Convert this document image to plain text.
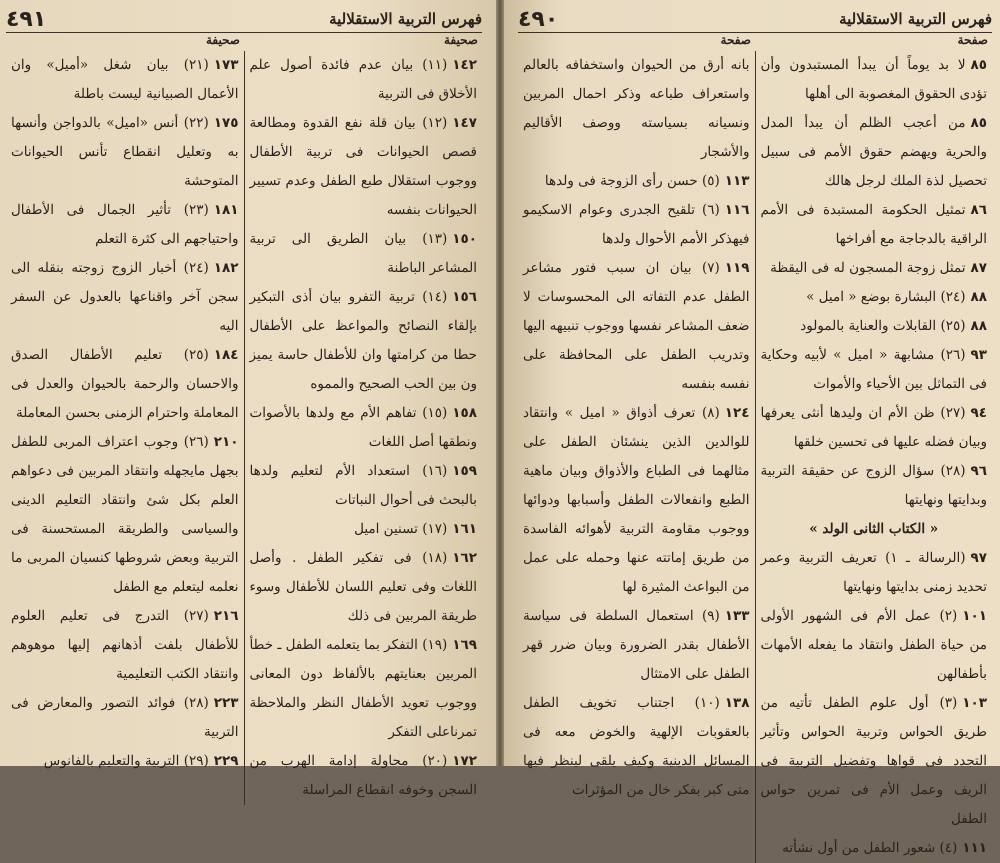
فهرس التربية الاستقلالية
٤٩١
صحيفة
صحيفة
١٤٢(١١) بيان عدم فائدة أصول علم الأخلاق فى التربية
١٤٧(١٢) بيان قلة نفع القدوة ومطالعة قصص الحيوانات فى تربية الأطفال ووجوب استقلال طبع الطفل وعدم تسيير الحيوانات بنفسه
١٥٠(١٣) بيان الطريق الى تربية المشاعر الباطنة
١٥٦(١٤) تربية التفرو بيان أذى التبكير بإلقاء النصائح والمواعظ على الأطفال حطا من كرامتها وان للأطفال حاسة يميز ون بين الحب الصحيح والمموه
١٥٨(١٥) تفاهم الأم مع ولدها بالأصوات ونطقها أصل اللغات
١٥٩(١٦) استعداد الأم لتعليم ولدها بالبحث فى أحوال النباتات
١٦١(١٧) تسنين اميل
١٦٢(١٨) فى تفكير الطفل . وأصل اللغات وفى تعليم اللسان للأطفال وسوء طريقة المربين فى ذلك
١٦٩(١٩) التفكر بما يتعلمه الطفل ـ خطأ المربين بعنايتهم بالألفاظ دون المعانى ووجوب تعويد الأطفال النظر والملاحظة تمرناعلى التفكر
١٧٢(٢٠) محاولة إدامة الهرب من السجن وخوفه انقطاع المراسلة
١٧٣(٢١) بيان شغل «أميل» وان الأعمال الصبيانية ليست باطلة
١٧٥(٢٢) أنس «اميل» بالدواجن وأنسها به وتعليل انقطاع تأنس الحيوانات المتوحشة
١٨١(٢٣) تأثير الجمال فى الأطفال واحتياجهم الى كثرة التعلم
١٨٢(٢٤) أخبار الزوج زوجته بنقله الى سجن آخر واقناعها بالعدول عن السفر اليه
١٨٤(٢٥) تعليم الأطفال الصدق والاحسان والرحمة بالحيوان والعدل فى المعاملة واحترام الزمنى بحسن المعاملة
٢١٠(٢٦) وجوب اعتراف المربى للطفل بجهل مايجهله وانتقاد المربين فى دعواهم العلم بكل شئ وانتقاد التعليم الدينى والسياسى والطريقة المستحسنة فى التربية وبعض شروطها كنسيان المربى ما نعلمه ليتعلم مع الطفل
٢١٦(٢٧) التدرج فى تعليم العلوم للأطفال بلفت أذهانهم إليها موهوهم وانتقاد الكتب التعليمية
٢٢٣(٢٨) فوائد التصور والمعارض فى التربية
٢٢٩(٢٩) التربية والتعليم بالفانوس
فهرس التربية الاستقلالية
٤٩٠
صفحة
صفحة
٨٥لا بد يوماً أن يبدأ المستبدون وأن تؤدى الحقوق المغصوبة الى أهلها
٨٥من أعجب الظلم أن يبدأ المدل والحرية ويهضم حقوق الأمم فى سبيل تحصيل لذة الملك لرجل هالك
٨٦تمثيل الحكومة المستبدة فى الأمم الراقية بالدجاجة مع أفراخها
٨٧تمثل زوجة المسجون له فى اليقظة
٨٨(٢٤) البشارة بوضع « اميل »
٨٨(٢٥) القابلات والعناية بالمولود
٩٣(٢٦) مشابهة « اميل » لأبيه وحكاية فى التماثل بين الأحياء والأموات
٩٤(٢٧) ظن الأم ان وليدها أنثى يعرفها وبيان فضله عليها فى تحسين خلقها
٩٦(٢٨) سؤال الزوج عن حقيقة التربية وبدايتها ونهايتها
« الكتاب الثانى الولد »
٩٧(الرسالة ـ ١) تعريف التربية وعمر تحديد زمنى بدايتها ونهايتها
١٠١(٢) عمل الأم فى الشهور الأولى من حياة الطفل وانتقاد ما يفعله الأمهات بأطفالهن
١٠٣(٣) أول علوم الطفل تأتيه من طريق الحواس وتربية الحواس وتأثير التجدد فى قواها وتفضيل التربية فى الريف وعمل الأم فى تمرين حواس الطفل
١١١(٤) شعور الطفل من أول نشأته
بانه أرق من الحيوان واستخفافه بالعالم واستعراف طباعه وذكر احمال المربين ونسيانه بسياسته ووصف الأقاليم والأشجار
١١٣(٥) حسن رأى الزوجة فى ولدها
١١٦(٦) تلقيح الجدرى وعوام الاسكيمو فيهذكر الأمم الأحوال ولدها
١١٩(٧) بيان ان سبب فتور مشاعر الطفل عدم التفاته الى المحسوسات لا ضعف المشاعر نفسها ووجوب تنبيهه اليها وتدريب الطفل على المحافظة على نفسه بنفسه
١٢٤(٨) تعرف أذواق « اميل » وانتقاد للوالدين الذين ينشئان الطفل على مثالهما فى الطباع والأذواق وبيان ماهية الطبع وانفعالات الطفل وأسبابها ودوائها ووجوب مقاومة التربية لأهوائه الفاسدة من طريق إماتته عنها وحمله على عمل من البواعث المثيرة لها
١٣٣(٩) استعمال السلطة فى سياسة الأطفال بقدر الضرورة وبيان ضرر قهر الطفل على الامتثال
١٣٨(١٠) اجتناب تخويف الطفل بالعقوبات الإلهية والخوض معه فى المسائل الدينية وكيف يلقى لينظر فيها متى كبر بفكر خال من المؤثرات
